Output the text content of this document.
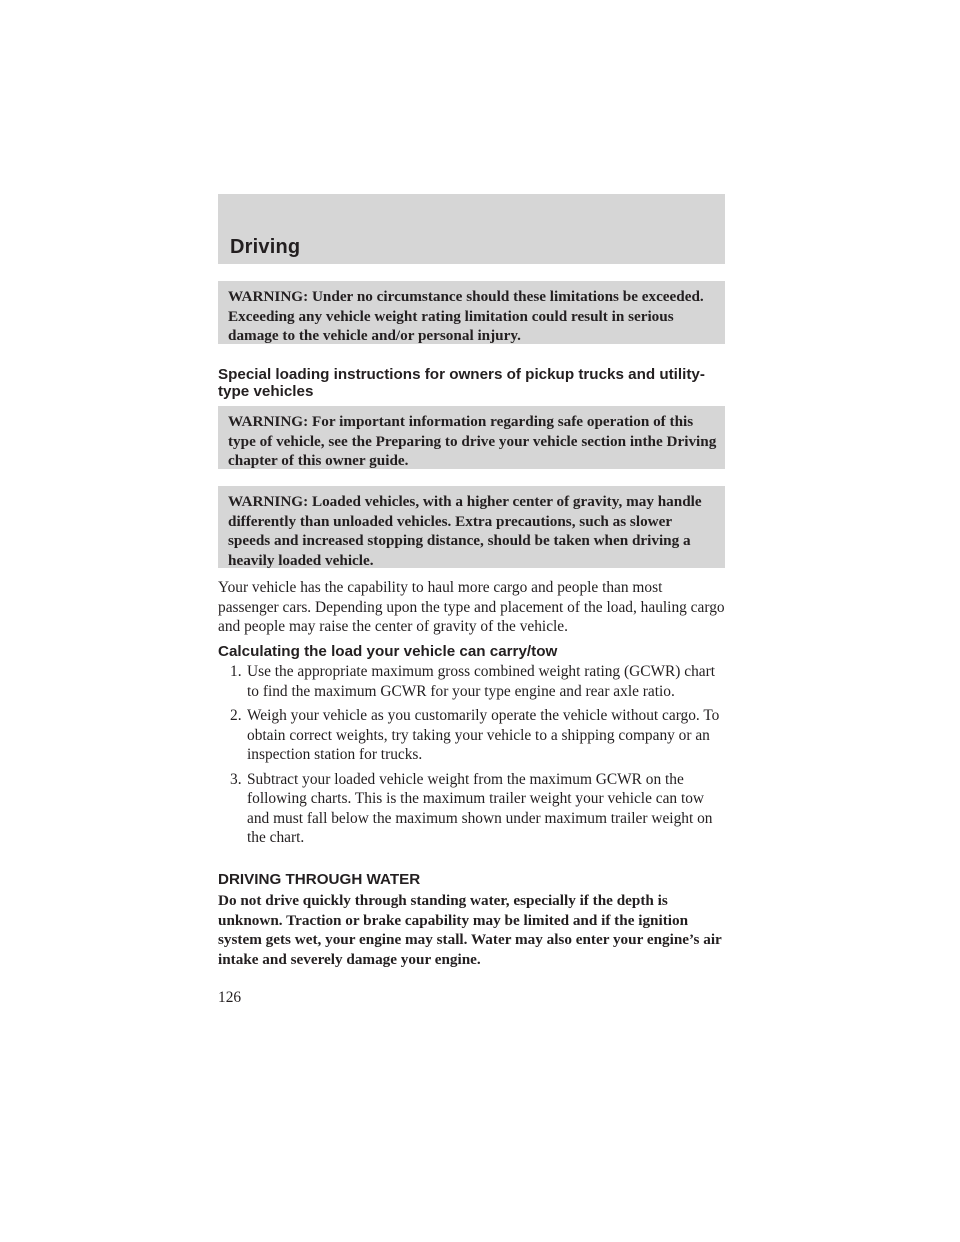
Driving

WARNING: Under no circumstance should these limitations be exceeded. Exceeding any vehicle weight rating limitation could result in serious damage to the vehicle and/or personal injury.

Special loading instructions for owners of pickup trucks and utility-type vehicles

WARNING: For important information regarding safe operation of this type of vehicle, see the Preparing to drive your vehicle section inthe Driving chapter of this owner guide.

WARNING: Loaded vehicles, with a higher center of gravity, may handle differently than unloaded vehicles. Extra precautions, such as slower speeds and increased stopping distance, should be taken when driving a heavily loaded vehicle.

Your vehicle has the capability to haul more cargo and people than most passenger cars. Depending upon the type and placement of the load, hauling cargo and people may raise the center of gravity of the vehicle.

Calculating the load your vehicle can carry/tow
1. Use the appropriate maximum gross combined weight rating (GCWR) chart to find the maximum GCWR for your type engine and rear axle ratio.
2. Weigh your vehicle as you customarily operate the vehicle without cargo. To obtain correct weights, try taking your vehicle to a shipping company or an inspection station for trucks.
3. Subtract your loaded vehicle weight from the maximum GCWR on the following charts. This is the maximum trailer weight your vehicle can tow and must fall below the maximum shown under maximum trailer weight on the chart.
DRIVING THROUGH WATER

Do not drive quickly through standing water, especially if the depth is unknown. Traction or brake capability may be limited and if the ignition system gets wet, your engine may stall. Water may also enter your engine’s air intake and severely damage your engine.

126
